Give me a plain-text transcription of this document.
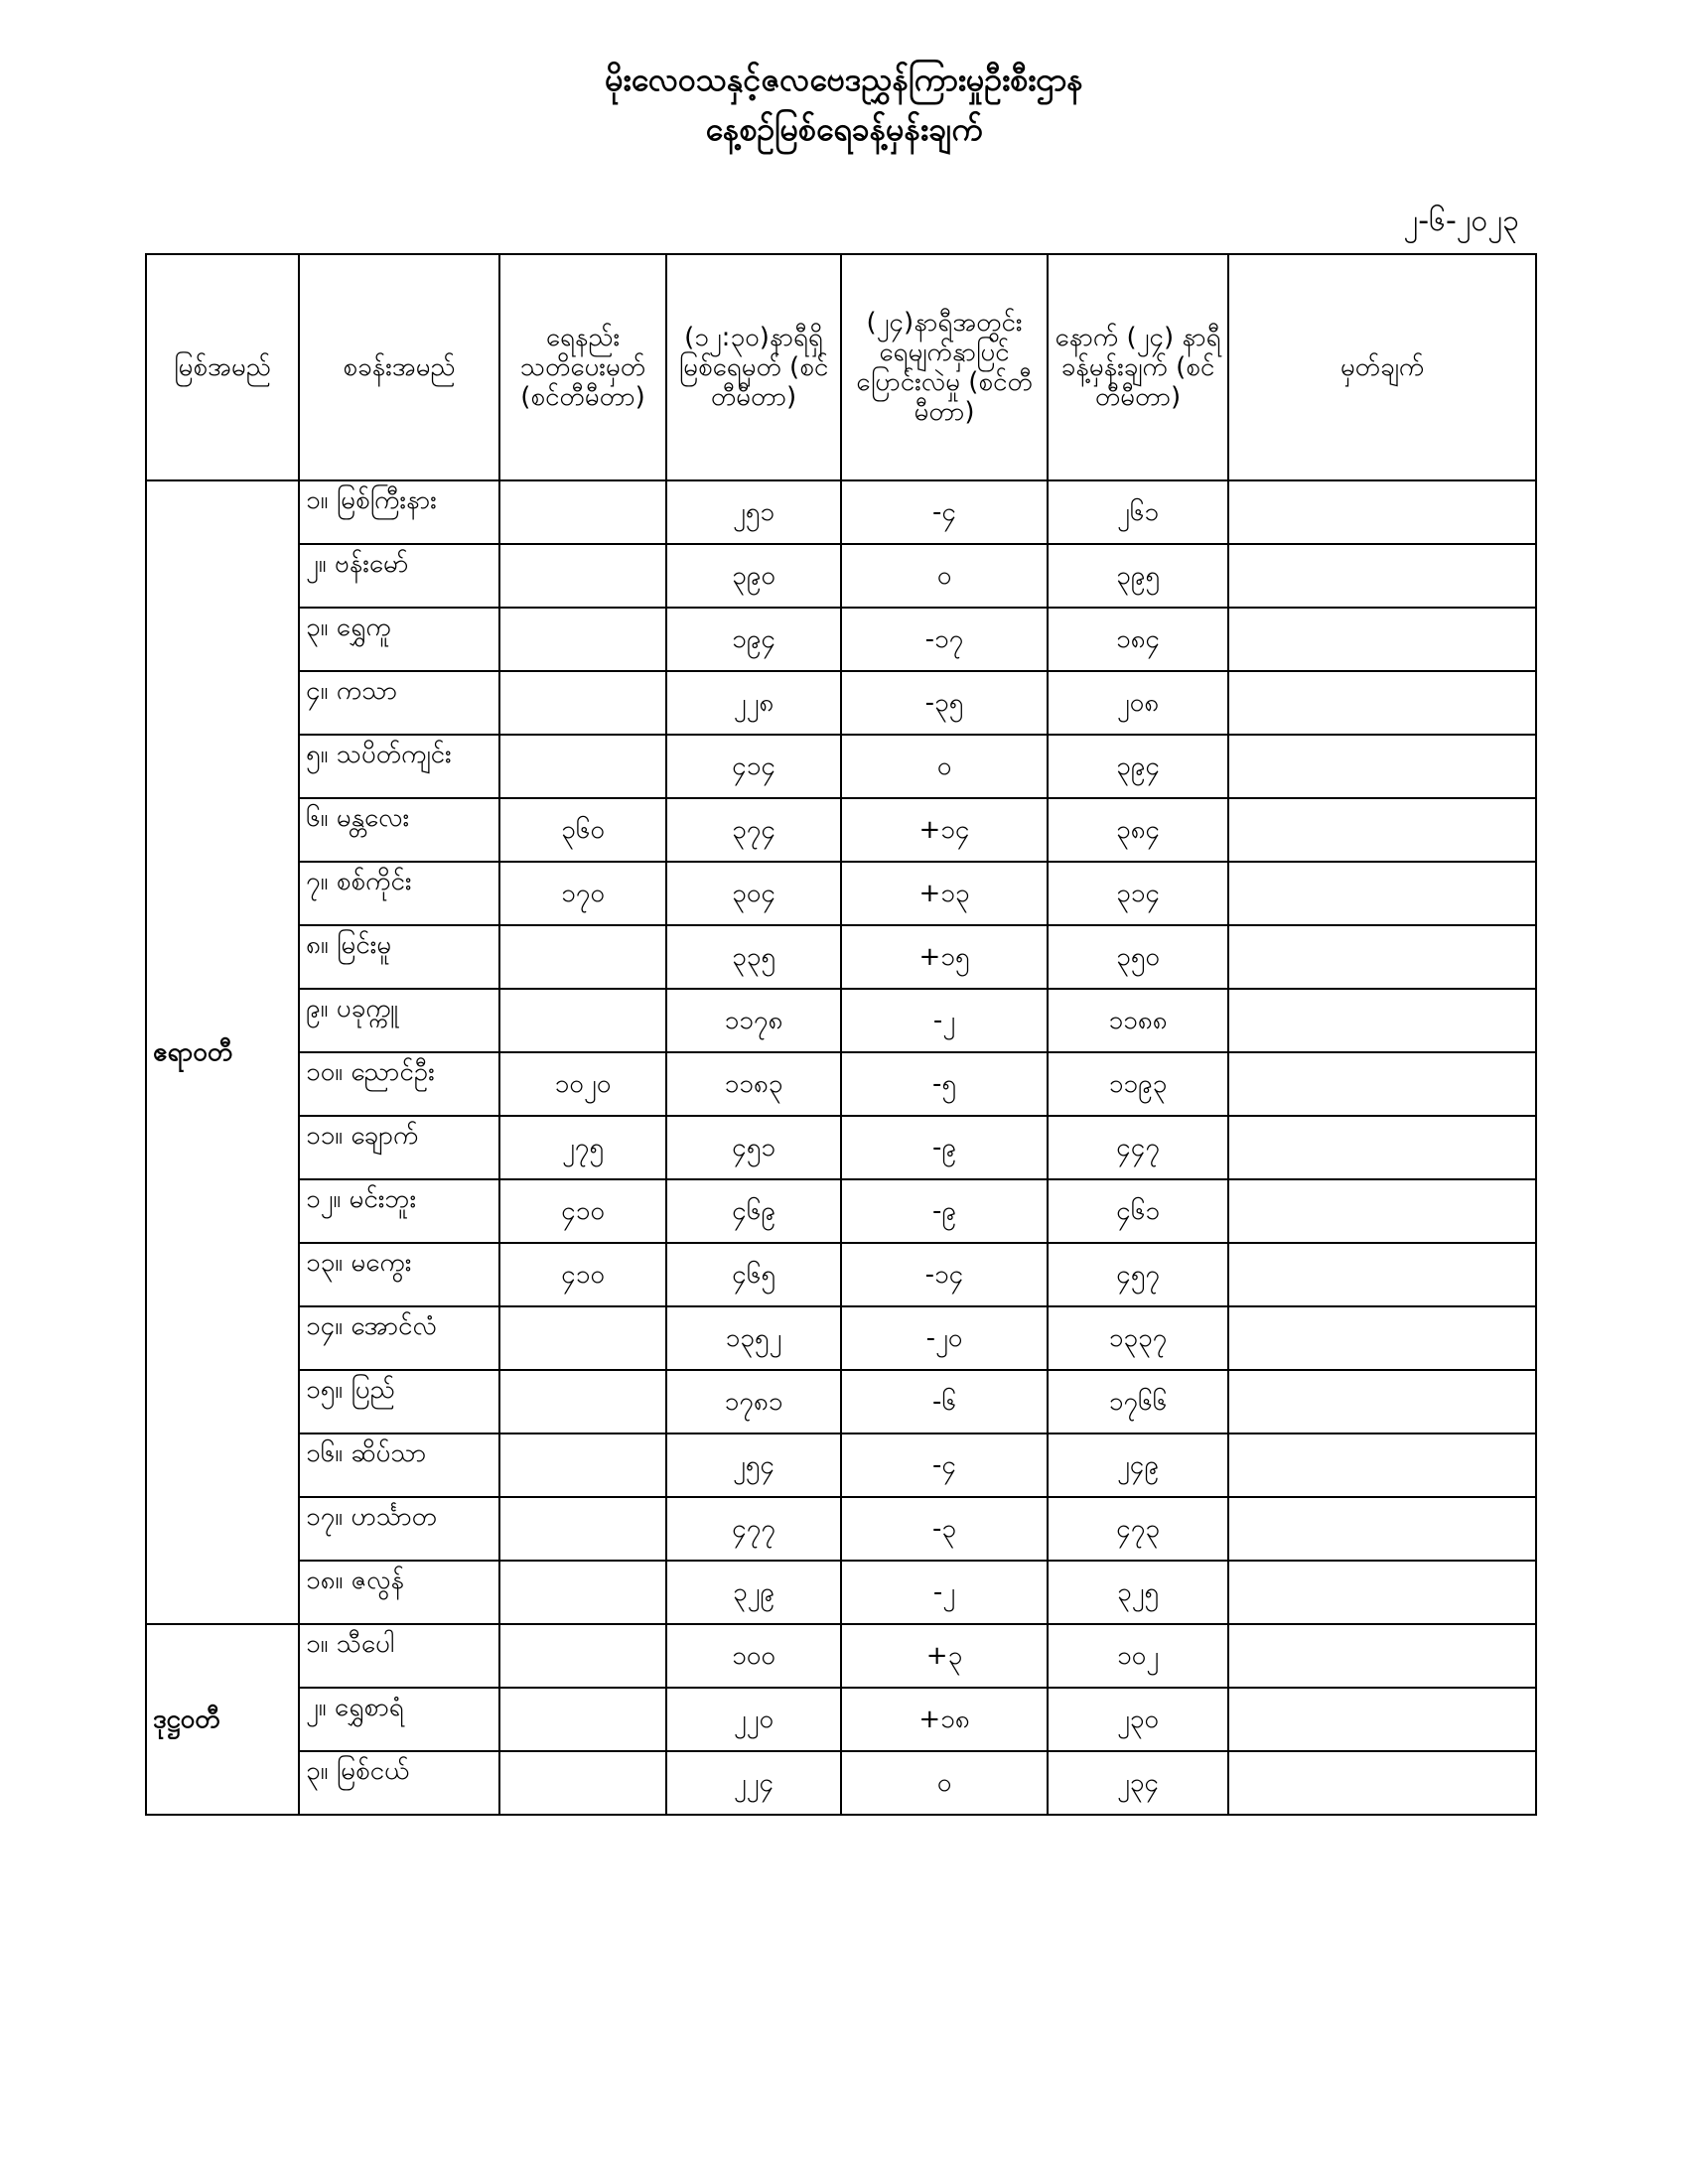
မိုးလေဝသနှင့်ဇလဗေဒညွှန်ကြားမှုဦးစီးဌာန
နေ့စဉ်မြစ်ရေခန့်မှန်းချက်
၂-၆-၂၀၂၃
မြစ်အမည်	စခန်းအမည်	ရေနည်း သတိပေးမှတ် (စင်တီမီတာ)	(၁၂:၃၀)နာရီရှိ မြစ်ရေမှတ် (စင်တီမီတာ)	(၂၄)နာရီအတွင်း ရေမျက်နှာပြင် ပြောင်းလဲမှု (စင်တီမီတာ)	နောက် (၂၄) နာရီ ခန့်မှန်းချက် (စင်တီမီတာ)	မှတ်ချက်
ဧရာဝတီ	၁။ မြစ်ကြီးနား		၂၅၁	-၄	၂၆၁	
	၂။ ဗန်းမော်		၃၉၀	၀	၃၉၅	
	၃။ ရွှေကူ		၁၉၄	-၁၇	၁၈၄	
	၄။ ကသာ		၂၂၈	-၃၅	၂၀၈	
	၅။ သပိတ်ကျင်း		၄၁၄	၀	၃၉၄	
	၆။ မန္တလေး	၃၆၀	၃၇၄	+၁၄	၃၈၄	
	၇။ စစ်ကိုင်း	၁၇၀	၃၀၄	+၁၃	၃၁၄	
	၈။ မြင်းမူ		၃၃၅	+၁၅	၃၅၀	
	၉။ ပခုက္ကူ		၁၁၇၈	-၂	၁၁၈၈	
	၁၀။ ညောင်ဦး	၁၀၂၀	၁၁၈၃	-၅	၁၁၉၃	
	၁၁။ ချောက်	၂၇၅	၄၅၁	-၉	၄၄၇	
	၁၂။ မင်းဘူး	၄၁၀	၄၆၉	-၉	၄၆၁	
	၁၃။ မကွေး	၄၁၀	၄၆၅	-၁၄	၄၅၇	
	၁၄။ အောင်လံ		၁၃၅၂	-၂၀	၁၃၃၇	
	၁၅။ ပြည်		၁၇၈၁	-၆	၁၇၆၆	
	၁၆။ ဆိပ်သာ		၂၅၄	-၄	၂၄၉	
	၁၇။ ဟင်္သာတ		၄၇၇	-၃	၄၇၃	
	၁၈။ ဇလွန်		၃၂၉	-၂	၃၂၅	
ဒုဋ္ဌဝတီ	၁။ သီပေါ		၁၀၀	+၃	၁၀၂	
	၂။ ရွှေစာရံ		၂၂၀	+၁၈	၂၃၀	
	၃။ မြစ်ငယ်		၂၂၄	၀	၂၃၄	
